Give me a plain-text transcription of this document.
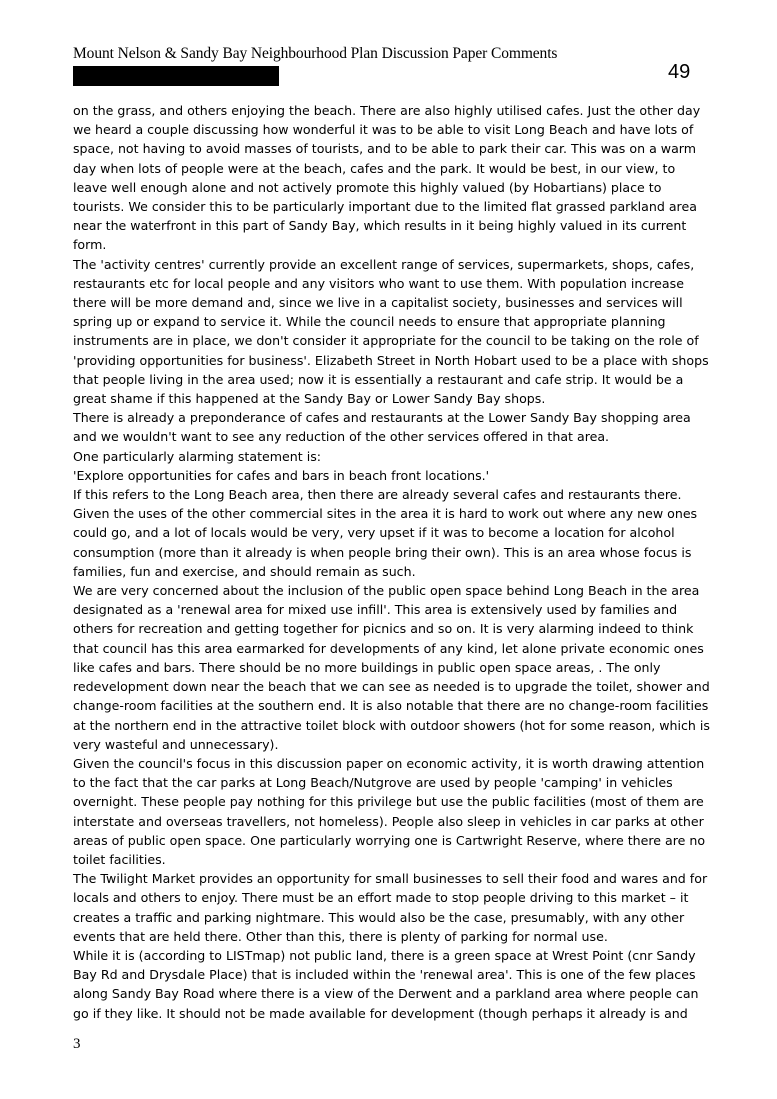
Mount Nelson & Sandy Bay Neighbourhood Plan Discussion Paper Comments
49

on the grass, and others enjoying the beach. There are also highly utilised cafes. Just the other day we heard a couple discussing how wonderful it was to be able to visit Long Beach and have lots of space, not having to avoid masses of tourists, and to be able to park their car. This was on a warm day when lots of people were at the beach, cafes and the park. It would be best, in our view, to leave well enough alone and not actively promote this highly valued (by Hobartians) place to tourists. We consider this to be particularly important due to the limited flat grassed parkland area near the waterfront in this part of Sandy Bay, which results in it being highly valued in its current form.

The 'activity centres' currently provide an excellent range of services, supermarkets, shops, cafes, restaurants etc for local people and any visitors who want to use them. With population increase there will be more demand and, since we live in a capitalist society, businesses and services will spring up or expand to service it. While the council needs to ensure that appropriate planning instruments are in place, we don't consider it appropriate for the council to be taking on the role of 'providing opportunities for business'. Elizabeth Street in North Hobart used to be a place with shops that people living in the area used; now it is essentially a restaurant and cafe strip. It would be a great shame if this happened at the Sandy Bay or Lower Sandy Bay shops.

There is already a preponderance of cafes and restaurants at the Lower Sandy Bay shopping area and we wouldn't want to see any reduction of the other services offered in that area.

One particularly alarming statement is:

'Explore opportunities for cafes and bars in beach front locations.'

If this refers to the Long Beach area, then there are already several cafes and restaurants there. Given the uses of the other commercial sites in the area it is hard to work out where any new ones could go, and a lot of locals would be very, very upset if it was to become a location for alcohol consumption (more than it already is when people bring their own). This is an area whose focus is families, fun and exercise, and should remain as such.

We are very concerned about the inclusion of the public open space behind Long Beach in the area designated as a 'renewal area for mixed use infill'. This area is extensively used by families and others for recreation and getting together for picnics and so on. It is very alarming indeed to think that council has this area earmarked for developments of any kind, let alone private economic ones like cafes and bars. There should be no more buildings in public open space areas, . The only redevelopment down near the beach that we can see as needed is to upgrade the toilet, shower and change-room facilities at the southern end. It is also notable that there are no change-room facilities at the northern end in the attractive toilet block with outdoor showers (hot for some reason, which is very wasteful and unnecessary).

Given the council's focus in this discussion paper on economic activity, it is worth drawing attention to the fact that the car parks at Long Beach/Nutgrove are used by people 'camping' in vehicles overnight. These people pay nothing for this privilege but use the public facilities (most of them are interstate and overseas travellers, not homeless). People also sleep in vehicles in car parks at other areas of public open space. One particularly worrying one is Cartwright Reserve, where there are no toilet facilities.

The Twilight Market provides an opportunity for small businesses to sell their food and wares and for locals and others to enjoy. There must be an effort made to stop people driving to this market – it creates a traffic and parking nightmare. This would also be the case, presumably, with any other events that are held there. Other than this, there is plenty of parking for normal use.

While it is (according to LISTmap) not public land, there is a green space at Wrest Point (cnr Sandy Bay Rd and Drysdale Place) that is included within the 'renewal area'. This is one of the few places along Sandy Bay Road where there is a view of the Derwent and a parkland area where people can go if they like. It should not be made available for development (though perhaps it already is and

3
